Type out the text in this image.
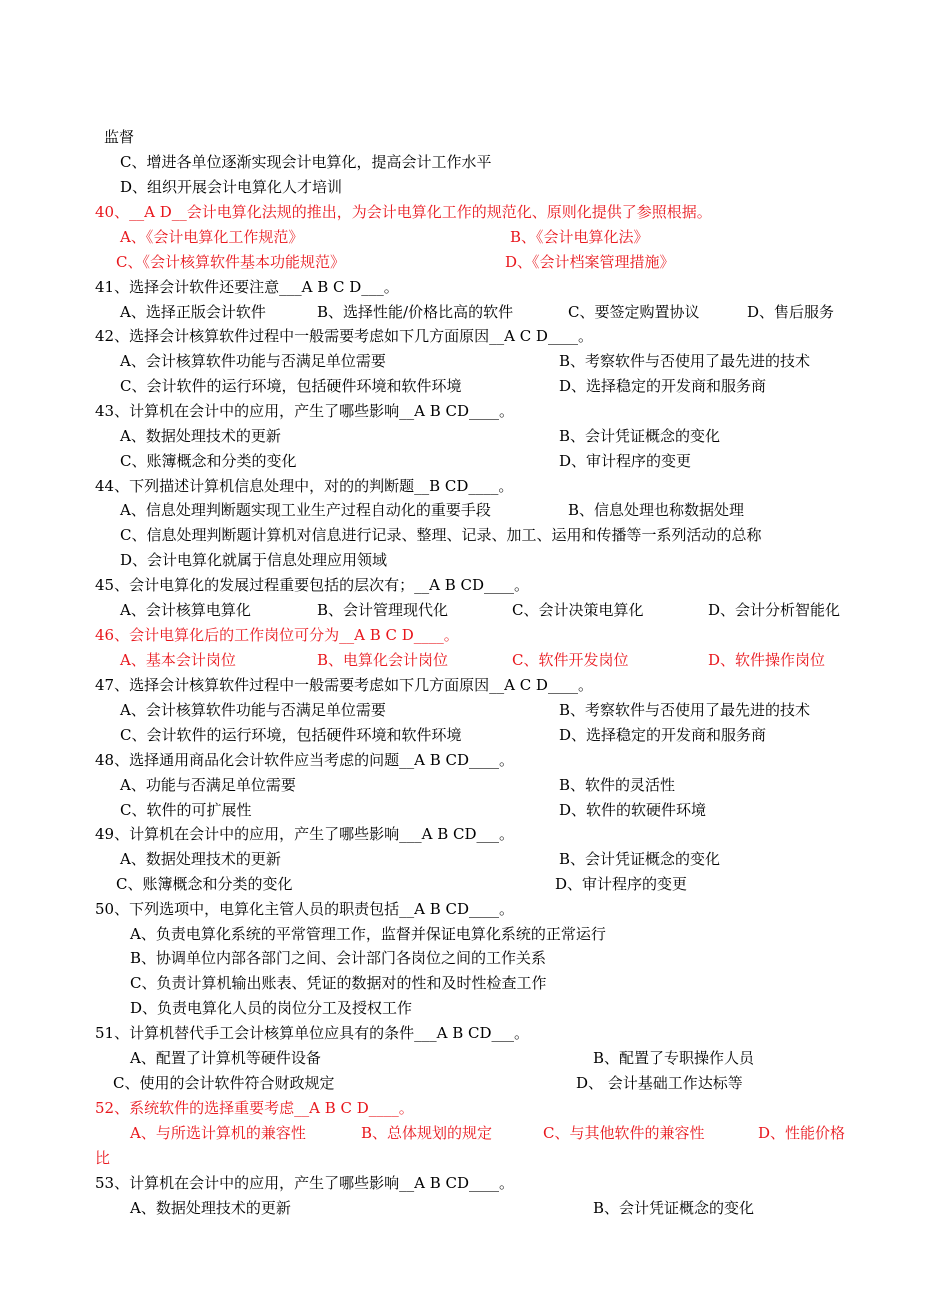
监督
C、增进各单位逐渐实现会计电算化，提高会计工作水平
D、组织开展会计电算化人才培训
40、__A D__会计电算化法规的推出，为会计电算化工作的规范化、原则化提供了参照根据。
A、《会计电算化工作规范》	B、《会计电算化法》
C、《会计核算软件基本功能规范》	D、《会计档案管理措施》
41、选择会计软件还要注意___A B C D___。
A、选择正版会计软件	B、选择性能/价格比高的软件	C、要签定购置协议	D、售后服务
42、选择会计核算软件过程中一般需要考虑如下几方面原因__A C D____。
A、会计核算软件功能与否满足单位需要	B、考察软件与否使用了最先进的技术
C、会计软件的运行环境，包括硬件环境和软件环境	D、选择稳定的开发商和服务商
43、计算机在会计中的应用，产生了哪些影响__A B CD____。
A、数据处理技术的更新	B、会计凭证概念的变化
C、账簿概念和分类的变化	D、审计程序的变更
44、下列描述计算机信息处理中，对的的判断题__B CD____。
A、信息处理判断题实现工业生产过程自动化的重要手段	B、信息处理也称数据处理
C、信息处理判断题计算机对信息进行记录、整理、记录、加工、运用和传播等一系列活动的总称
D、会计电算化就属于信息处理应用领域
45、会计电算化的发展过程重要包括的层次有；__A B CD____。
A、会计核算电算化	B、会计管理现代化	C、会计决策电算化	D、会计分析智能化
46、会计电算化后的工作岗位可分为__A B C D____。
A、基本会计岗位	B、电算化会计岗位	C、软件开发岗位	D、软件操作岗位
47、选择会计核算软件过程中一般需要考虑如下几方面原因__A C D____。
A、会计核算软件功能与否满足单位需要	B、考察软件与否使用了最先进的技术
C、会计软件的运行环境，包括硬件环境和软件环境	D、选择稳定的开发商和服务商
48、选择通用商品化会计软件应当考虑的问题__A B CD____。
A、功能与否满足单位需要	B、软件的灵活性
C、软件的可扩展性	D、软件的软硬件环境
49、计算机在会计中的应用，产生了哪些影响___A B CD___。
A、数据处理技术的更新	B、会计凭证概念的变化
C、账簿概念和分类的变化	D、审计程序的变更
50、下列选项中，电算化主管人员的职责包括__A B CD____。
A、负责电算化系统的平常管理工作，监督并保证电算化系统的正常运行
B、协调单位内部各部门之间、会计部门各岗位之间的工作关系
C、负责计算机输出账表、凭证的数据对的性和及时性检查工作
D、负责电算化人员的岗位分工及授权工作
51、计算机替代手工会计核算单位应具有的条件___A B CD___。
A、配置了计算机等硬件设备	B、配置了专职操作人员
C、使用的会计软件符合财政规定	D、 会计基础工作达标等
52、系统软件的选择重要考虑__A B C D____。
A、与所选计算机的兼容性	B、总体规划的规定	C、与其他软件的兼容性	D、性能价格
比
53、计算机在会计中的应用，产生了哪些影响__A B CD____。
A、数据处理技术的更新	B、会计凭证概念的变化
